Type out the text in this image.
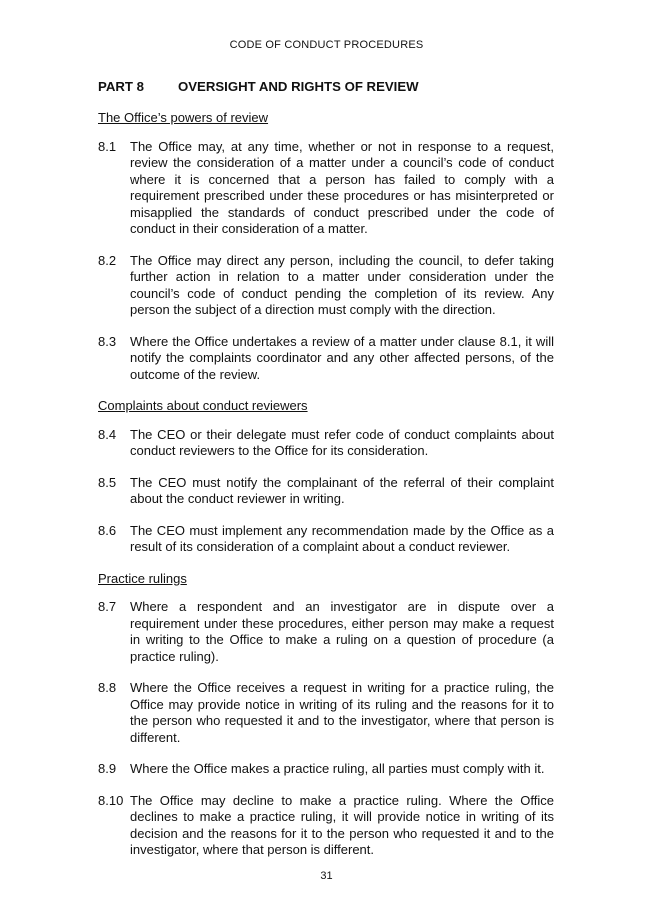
CODE OF CONDUCT PROCEDURES
PART 8	OVERSIGHT AND RIGHTS OF REVIEW
The Office’s powers of review
8.1	The Office may, at any time, whether or not in response to a request, review the consideration of a matter under a council’s code of conduct where it is concerned that a person has failed to comply with a requirement prescribed under these procedures or has misinterpreted or misapplied the standards of conduct prescribed under the code of conduct in their consideration of a matter.
8.2	The Office may direct any person, including the council, to defer taking further action in relation to a matter under consideration under the council’s code of conduct pending the completion of its review. Any person the subject of a direction must comply with the direction.
8.3	Where the Office undertakes a review of a matter under clause 8.1, it will notify the complaints coordinator and any other affected persons, of the outcome of the review.
Complaints about conduct reviewers
8.4	The CEO or their delegate must refer code of conduct complaints about conduct reviewers to the Office for its consideration.
8.5	The CEO must notify the complainant of the referral of their complaint about the conduct reviewer in writing.
8.6	The CEO must implement any recommendation made by the Office as a result of its consideration of a complaint about a conduct reviewer.
Practice rulings
8.7	Where a respondent and an investigator are in dispute over a requirement under these procedures, either person may make a request in writing to the Office to make a ruling on a question of procedure (a practice ruling).
8.8	Where the Office receives a request in writing for a practice ruling, the Office may provide notice in writing of its ruling and the reasons for it to the person who requested it and to the investigator, where that person is different.
8.9	Where the Office makes a practice ruling, all parties must comply with it.
8.10 The Office may decline to make a practice ruling. Where the Office declines to make a practice ruling, it will provide notice in writing of its decision and the reasons for it to the person who requested it and to the investigator, where that person is different.
31
